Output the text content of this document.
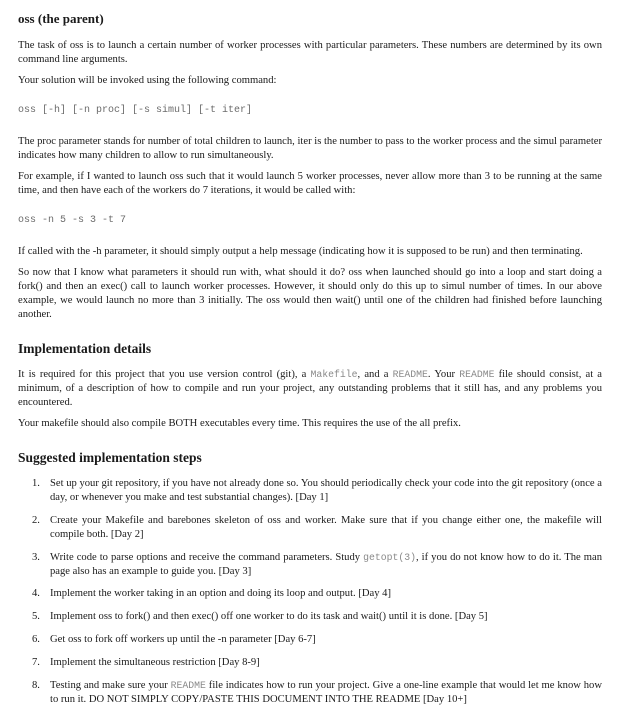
oss (the parent)

The task of oss is to launch a certain number of worker processes with particular parameters. These numbers are determined by its own command line arguments.

Your solution will be invoked using the following command:

oss [-h] [-n proc] [-s simul] [-t iter]

The proc parameter stands for number of total children to launch, iter is the number to pass to the worker process and the simul parameter indicates how many children to allow to run simultaneously.

For example, if I wanted to launch oss such that it would launch 5 worker processes, never allow more than 3 to be running at the same time, and then have each of the workers do 7 iterations, it would be called with:

oss -n 5 -s 3 -t 7

If called with the -h parameter, it should simply output a help message (indicating how it is supposed to be run) and then terminating.

So now that I know what parameters it should run with, what should it do? oss when launched should go into a loop and start doing a fork() and then an exec() call to launch worker processes. However, it should only do this up to simul number of times. In our above example, we would launch no more than 3 initially. The oss would then wait() until one of the children had finished before launching another.

Implementation details

It is required for this project that you use version control (git), a Makefile, and a README. Your README file should consist, at a minimum, of a description of how to compile and run your project, any outstanding problems that it still has, and any problems you encountered.

Your makefile should also compile BOTH executables every time. This requires the use of the all prefix.

Suggested implementation steps
1. Set up your git repository, if you have not already done so. You should periodically check your code into the git repository (once a day, or whenever you make and test substantial changes). [Day 1]
2. Create your Makefile and barebones skeleton of oss and worker. Make sure that if you change either one, the makefile will compile both. [Day 2]
3. Write code to parse options and receive the command parameters. Study getopt(3), if you do not know how to do it. The man page also has an example to guide you. [Day 3]
4. Implement the worker taking in an option and doing its loop and output. [Day 4]
5. Implement oss to fork() and then exec() off one worker to do its task and wait() until it is done. [Day 5]
6. Get oss to fork off workers up until the -n parameter [Day 6-7]
7. Implement the simultaneous restriction [Day 8-9]
8. Testing and make sure your README file indicates how to run your project. Give a one-line example that would let me know how to run it. DO NOT SIMPLY COPY/PASTE THIS DOCUMENT INTO THE README [Day 10+]
